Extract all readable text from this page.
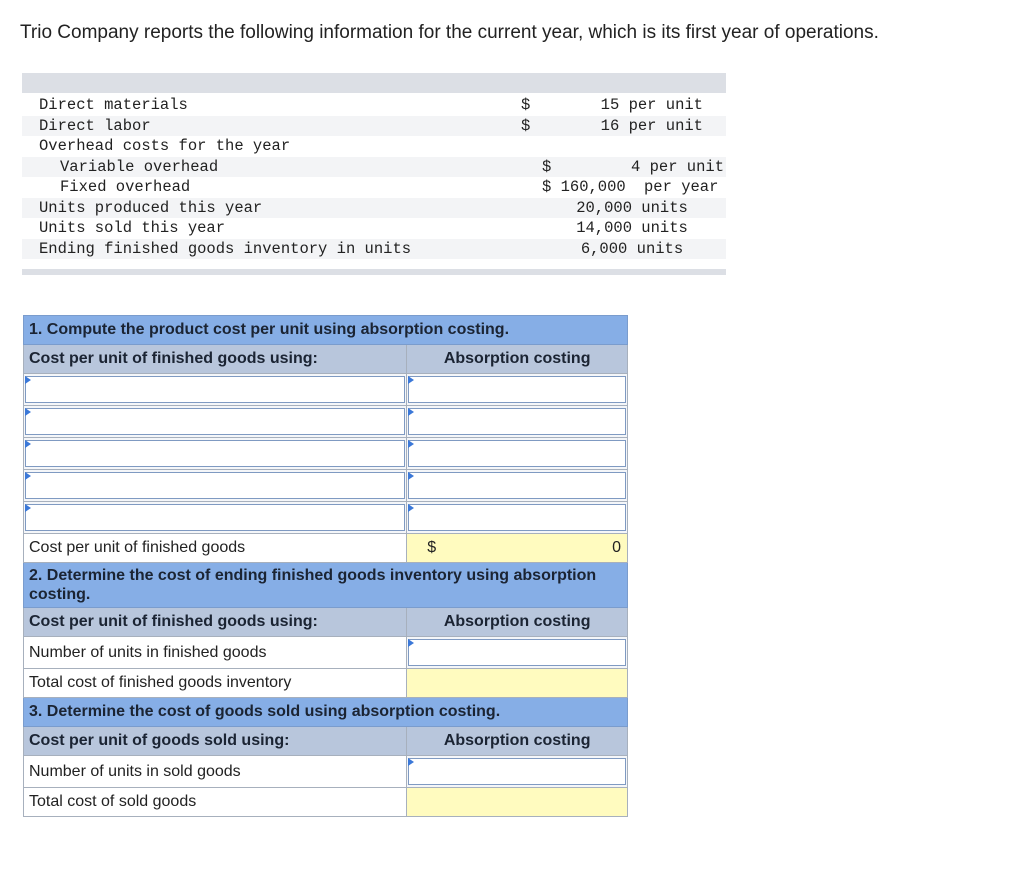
Trio Company reports the following information for the current year, which is its first year of operations.
Direct materials	$	15 per unit
Direct labor	$	16 per unit
Overhead costs for the year
Variable overhead	$	4 per unit
Fixed overhead	$ 160,000	per year
Units produced this year	20,000 units
Units sold this year	14,000 units
Ending finished goods inventory in units	6,000 units
1. Compute the product cost per unit using absorption costing.	
Cost per unit of finished goods using:	Absorption costing

Cost per unit of finished goods	$ 0

2. Determine the cost of ending finished goods inventory using absorption costing.	
Cost per unit of finished goods using:	Absorption costing
Number of units in finished goods	

Total cost of finished goods inventory	
3. Determine the cost of goods sold using absorption costing.	
Cost per unit of goods sold using:	Absorption costing
Number of units in sold goods	

Total cost of sold goods	
